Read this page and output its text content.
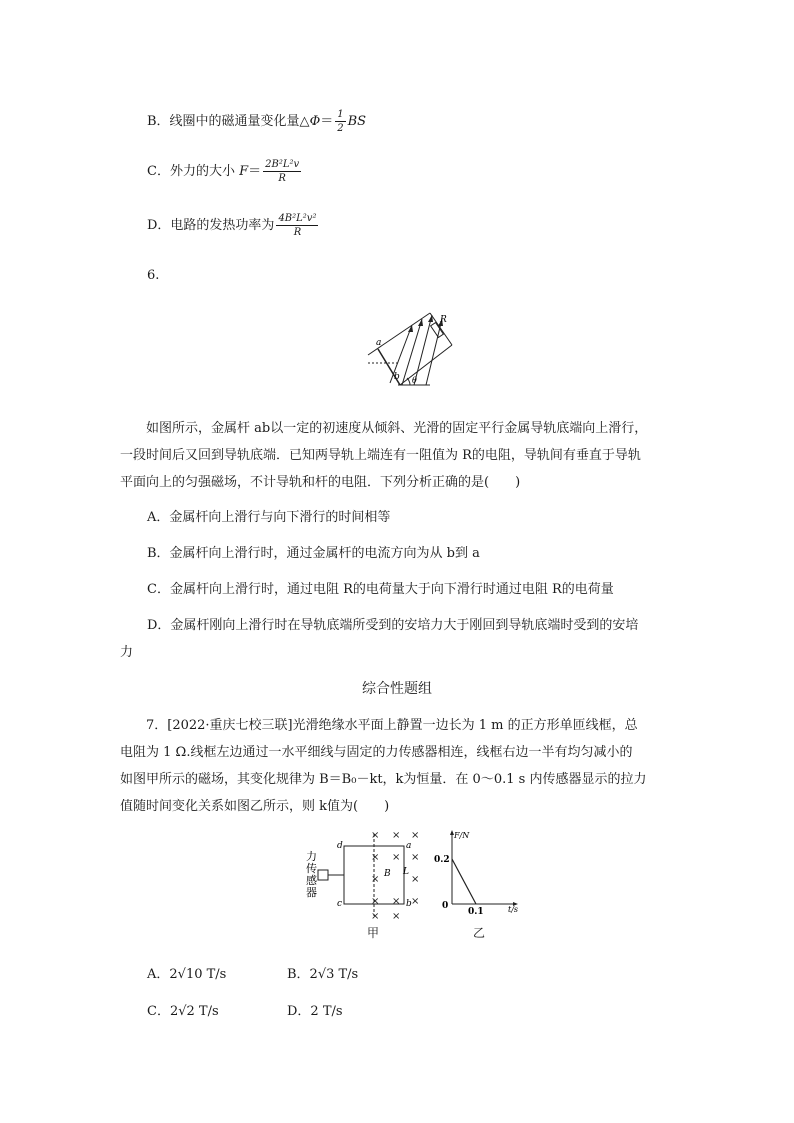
B．线圈中的磁通量变化量△Φ＝ $\frac{1}{2}$ BS
C．外力的大小 $F= \frac{\text{2B²L²v}}{R}$
D．电路的发热功率为 $\frac{\text{4B²L²v²}}{R}$
6.
R
a
b θ
如图所示，金属杆 ab以一定的初速度从倾斜、光滑的固定平行金属导轨底端向上滑行，
一段时间后又回到导轨底端．已知两导轨上端连有一阻值为 R的电阻，导轨间有垂直于导轨
平面向上的匀强磁场，不计导轨和杆的电阻．下列分析正确的是(　　)
A．金属杆向上滑行与向下滑行的时间相等
B．金属杆向上滑行时，通过金属杆的电流方向为从 b到 a
C．金属杆向上滑行时，通过电阻 R的电荷量大于向下滑行时通过电阻 R的电荷量
D．金属杆刚向上滑行时在导轨底端所受到的安培力大于刚回到导轨底端时受到的安培
力
综合性题组
7．[2022·重庆七校三联]光滑绝缘水平面上静置一边长为 1 m 的正方形单匝线框，总
电阻为 1 Ω.线框左边通过一水平细线与固定的力传感器相连，线框右边一半有均匀减小的
如图甲所示的磁场，其变化规律为 B＝B₀－kt，k为恒量．在 0～0.1 s 内传感器显示的拉力
值随时间变化关系如图乙所示，则 k值为(　　)
力
传
感
器
× × ×
× × ×
×	×
× × ×
× ×
d	a
c	b
B L
甲
F/N
t/s
0.2
0.1
0
乙
A．2√10 T/s	B．2√3 T/s
C．2√2 T/s	D．2 T/s
